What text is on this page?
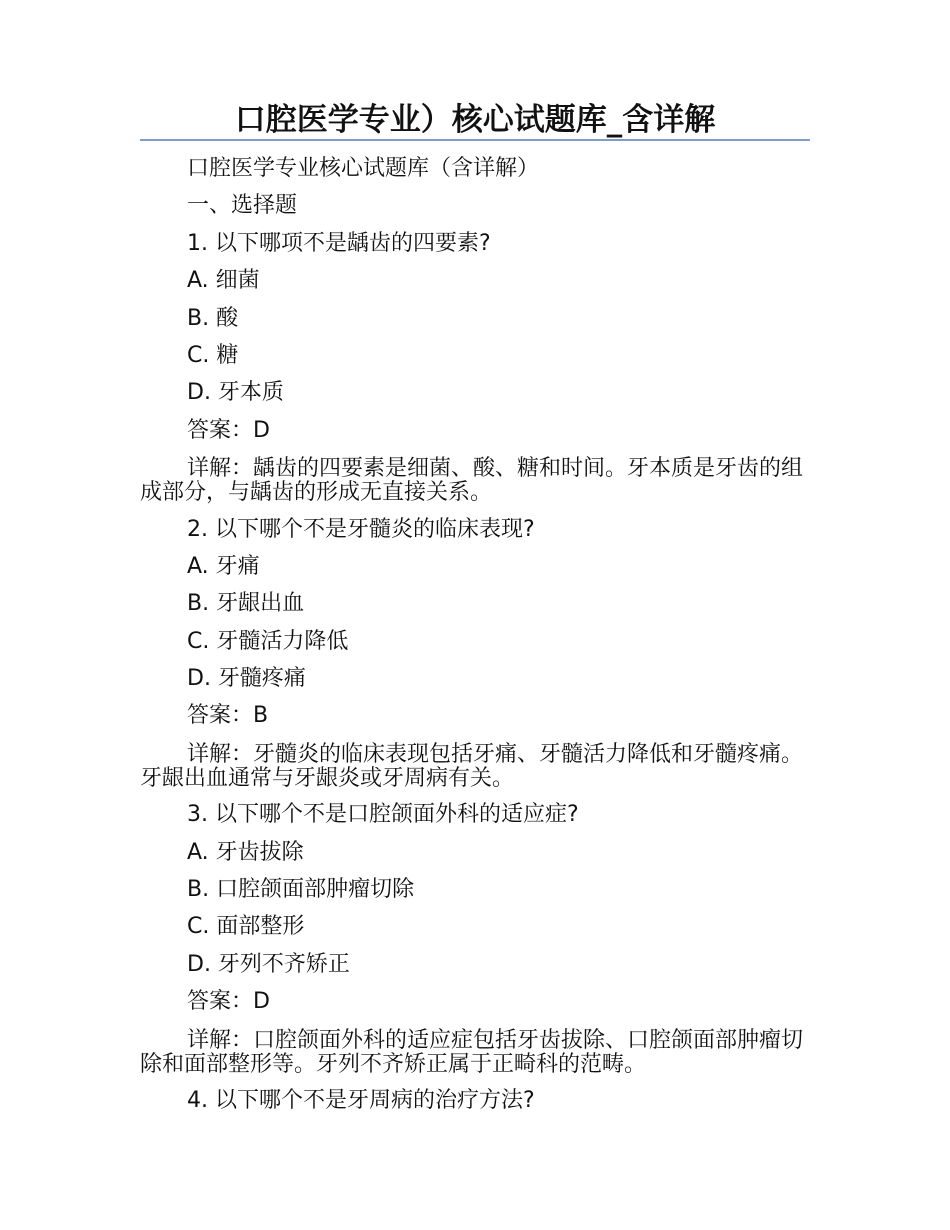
口腔医学专业）核心试题库_含详解
口腔医学专业核心试题库（含详解）
一、选择题
1. 以下哪项不是龋齿的四要素?
A. 细菌
B. 酸
C. 糖
D. 牙本质
答案：D
详解：龋齿的四要素是细菌、酸、糖和时间。牙本质是牙齿的组成部分，与龋齿的形成无直接关系。
2. 以下哪个不是牙髓炎的临床表现?
A. 牙痛
B. 牙龈出血
C. 牙髓活力降低
D. 牙髓疼痛
答案：B
详解：牙髓炎的临床表现包括牙痛、牙髓活力降低和牙髓疼痛。牙龈出血通常与牙龈炎或牙周病有关。
3. 以下哪个不是口腔颌面外科的适应症?
A. 牙齿拔除
B. 口腔颌面部肿瘤切除
C. 面部整形
D. 牙列不齐矫正
答案：D
详解：口腔颌面外科的适应症包括牙齿拔除、口腔颌面部肿瘤切除和面部整形等。牙列不齐矫正属于正畸科的范畴。
4. 以下哪个不是牙周病的治疗方法?
